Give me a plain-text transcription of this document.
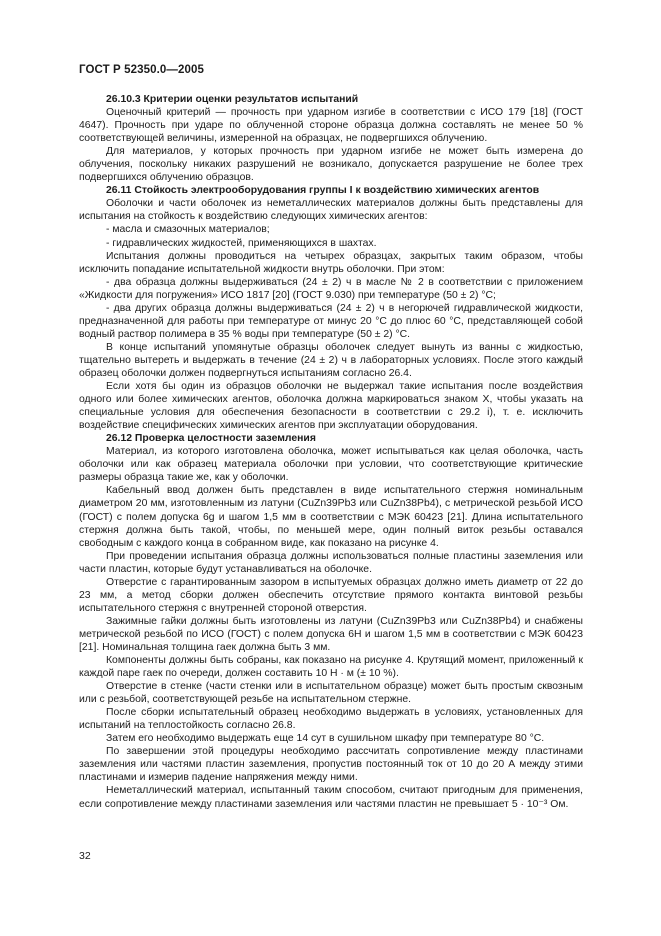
ГОСТ Р 52350.0—2005

26.10.3 Критерии оценки результатов испытаний

Оценочный критерий — прочность при ударном изгибе в соответствии с ИСО 179 [18] (ГОСТ 4647). Прочность при ударе по облученной стороне образца должна составлять не менее 50 % соответствующей величины, измеренной на образцах, не подвергшихся облучению.

Для материалов, у которых прочность при ударном изгибе не может быть измерена до облучения, поскольку никаких разрушений не возникало, допускается разрушение не более трех подвергшихся облучению образцов.

26.11 Стойкость электрооборудования группы I к воздействию химических агентов

Оболочки и части оболочек из неметаллических материалов должны быть представлены для испытания на стойкость к воздействию следующих химических агентов:

- масла и смазочных материалов;

- гидравлических жидкостей, применяющихся в шахтах.

Испытания должны проводиться на четырех образцах, закрытых таким образом, чтобы исключить попадание испытательной жидкости внутрь оболочки. При этом:

- два образца должны выдерживаться (24 ± 2) ч в масле № 2 в соответствии с приложением «Жидкости для погружения» ИСО 1817 [20] (ГОСТ 9.030) при температуре (50 ± 2) °С;

- два других образца должны выдерживаться (24 ± 2) ч в негорючей гидравлической жидкости, предназначенной для работы при температуре от минус 20 °С до плюс 60 °С, представляющей собой водный раствор полимера в 35 % воды при температуре (50 ± 2) °С.

В конце испытаний упомянутые образцы оболочек следует вынуть из ванны с жидкостью, тщательно вытереть и выдержать в течение (24 ± 2) ч в лабораторных условиях. После этого каждый образец оболочки должен подвергнуться испытаниям согласно 26.4.

Если хотя бы один из образцов оболочки не выдержал такие испытания после воздействия одного или более химических агентов, оболочка должна маркироваться знаком X, чтобы указать на специальные условия для обеспечения безопасности в соответствии с 29.2 i), т. е. исключить воздействие специфических химических агентов при эксплуатации оборудования.

26.12 Проверка целостности заземления

Материал, из которого изготовлена оболочка, может испытываться как целая оболочка, часть оболочки или как образец материала оболочки при условии, что соответствующие критические размеры образца такие же, как у оболочки.

Кабельный ввод должен быть представлен в виде испытательного стержня номинальным диаметром 20 мм, изготовленным из латуни (CuZn39Pb3 или CuZn38Pb4), с метрической резьбой ИСО (ГОСТ) с полем допуска 6g и шагом 1,5 мм в соответствии с МЭК 60423 [21]. Длина испытательного стержня должна быть такой, чтобы, по меньшей мере, один полный виток резьбы оставался свободным с каждого конца в собранном виде, как показано на рисунке 4.

При проведении испытания образца должны использоваться полные пластины заземления или части пластин, которые будут устанавливаться на оболочке.

Отверстие с гарантированным зазором в испытуемых образцах должно иметь диаметр от 22 до 23 мм, а метод сборки должен обеспечить отсутствие прямого контакта винтовой резьбы испытательного стержня с внутренней стороной отверстия.

Зажимные гайки должны быть изготовлены из латуни (CuZn39Pb3 или CuZn38Pb4) и снабжены метрической резьбой по ИСО (ГОСТ) с полем допуска 6H и шагом 1,5 мм в соответствии с МЭК 60423 [21]. Номинальная толщина гаек должна быть 3 мм.

Компоненты должны быть собраны, как показано на рисунке 4. Крутящий момент, приложенный к каждой паре гаек по очереди, должен составить 10 Н · м (± 10 %).

Отверстие в стенке (части стенки или в испытательном образце) может быть простым сквозным или с резьбой, соответствующей резьбе на испытательном стержне.

После сборки испытательный образец необходимо выдержать в условиях, установленных для испытаний на теплостойкость согласно 26.8.

Затем его необходимо выдержать еще 14 сут в сушильном шкафу при температуре 80 °С.

По завершении этой процедуры необходимо рассчитать сопротивление между пластинами заземления или частями пластин заземления, пропустив постоянный ток от 10 до 20 А между этими пластинами и измерив падение напряжения между ними.

Неметаллический материал, испытанный таким способом, считают пригодным для применения, если сопротивление между пластинами заземления или частями пластин не превышает 5 · 10⁻³ Ом.

32
